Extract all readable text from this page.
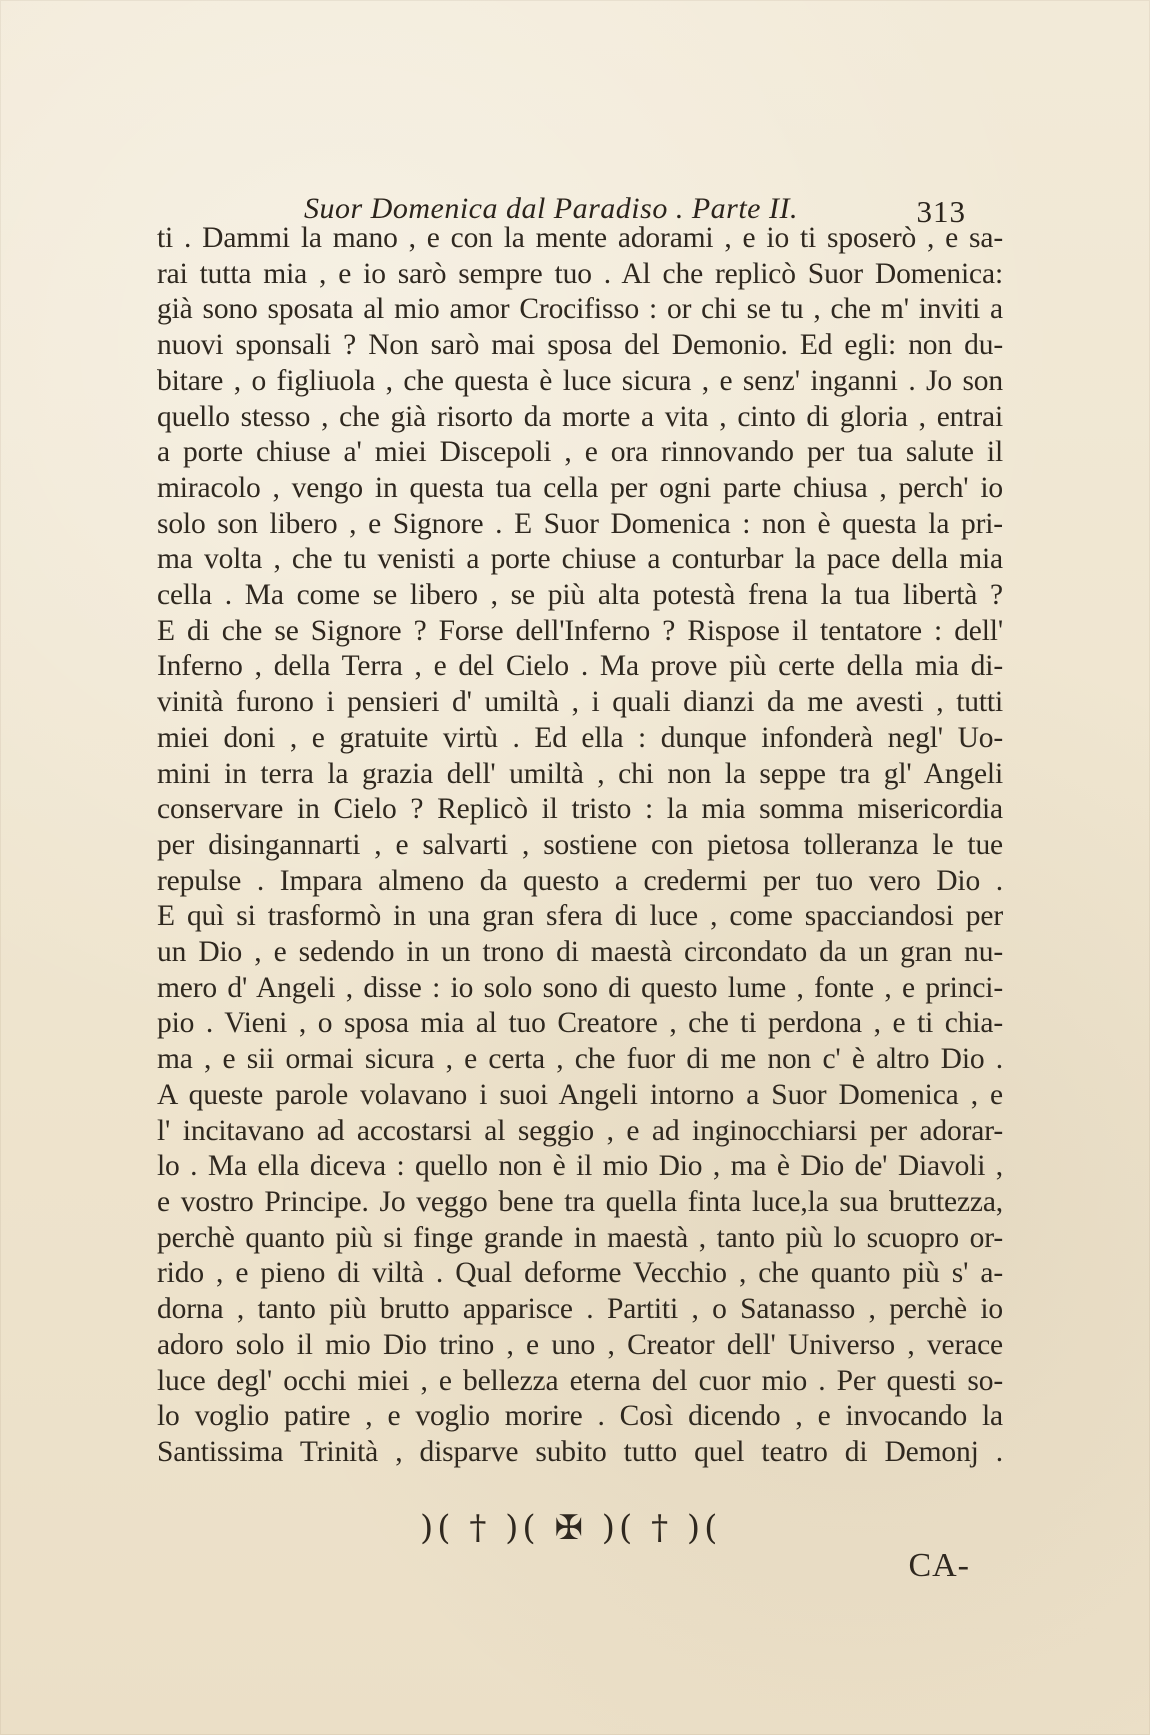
Suor Domenica dal Paradiso . Parte II.	313
ti . Dammi la mano , e con la mente adorami , e io ti sposerò , e sa-
rai tutta mia , e io sarò sempre tuo . Al che replicò Suor Domenica:
già sono sposata al mio amor Crocifisso : or chi se tu , che m' inviti a
nuovi sponsali ? Non sarò mai sposa del Demonio. Ed egli: non du-
bitare , o figliuola , che questa è luce sicura , e senz' inganni . Jo son
quello stesso , che già risorto da morte a vita , cinto di gloria , entrai
a porte chiuse a' miei Discepoli , e ora rinnovando per tua salute il
miracolo , vengo in questa tua cella per ogni parte chiusa , perch' io
solo son libero , e Signore . E Suor Domenica : non è questa la pri-
ma volta , che tu venisti a porte chiuse a conturbar la pace della mia
cella . Ma come se libero , se più alta potestà frena la tua libertà ?
E di che se Signore ? Forse dell'Inferno ? Rispose il tentatore : dell'
Inferno , della Terra , e del Cielo . Ma prove più certe della mia di-
vinità furono i pensieri d' umiltà , i quali dianzi da me avesti , tutti
miei doni , e gratuite virtù . Ed ella : dunque infonderà negl' Uo-
mini in terra la grazia dell' umiltà , chi non la seppe tra gl' Angeli
conservare in Cielo ? Replicò il tristo : la mia somma misericordia
per disingannarti , e salvarti , sostiene con pietosa tolleranza le tue
repulse . Impara almeno da questo a credermi per tuo vero Dio .
E quì si trasformò in una gran sfera di luce , come spacciandosi per
un Dio , e sedendo in un trono di maestà circondato da un gran nu-
mero d' Angeli , disse : io solo sono di questo lume , fonte , e princi-
pio . Vieni , o sposa mia al tuo Creatore , che ti perdona , e ti chia-
ma , e sii ormai sicura , e certa , che fuor di me non c' è altro Dio .
A queste parole volavano i suoi Angeli intorno a Suor Domenica , e
l' incitavano ad accostarsi al seggio , e ad inginocchiarsi per adorar-
lo . Ma ella diceva : quello non è il mio Dio , ma è Dio de' Diavoli ,
e vostro Principe. Jo veggo bene tra quella finta luce,la sua bruttezza,
perchè quanto più si finge grande in maestà , tanto più lo scuopro or-
rido , e pieno di viltà . Qual deforme Vecchio , che quanto più s' a-
dorna , tanto più brutto apparisce . Partiti , o Satanasso , perchè io
adoro solo il mio Dio trino , e uno , Creator dell' Universo , verace
luce degl' occhi miei , e bellezza eterna del cuor mio . Per questi so-
lo voglio patire , e voglio morire . Così dicendo , e invocando la
Santissima Trinità , disparve subito tutto quel teatro di Demonj .
)( † )( ✠ )( † )(
CA-
